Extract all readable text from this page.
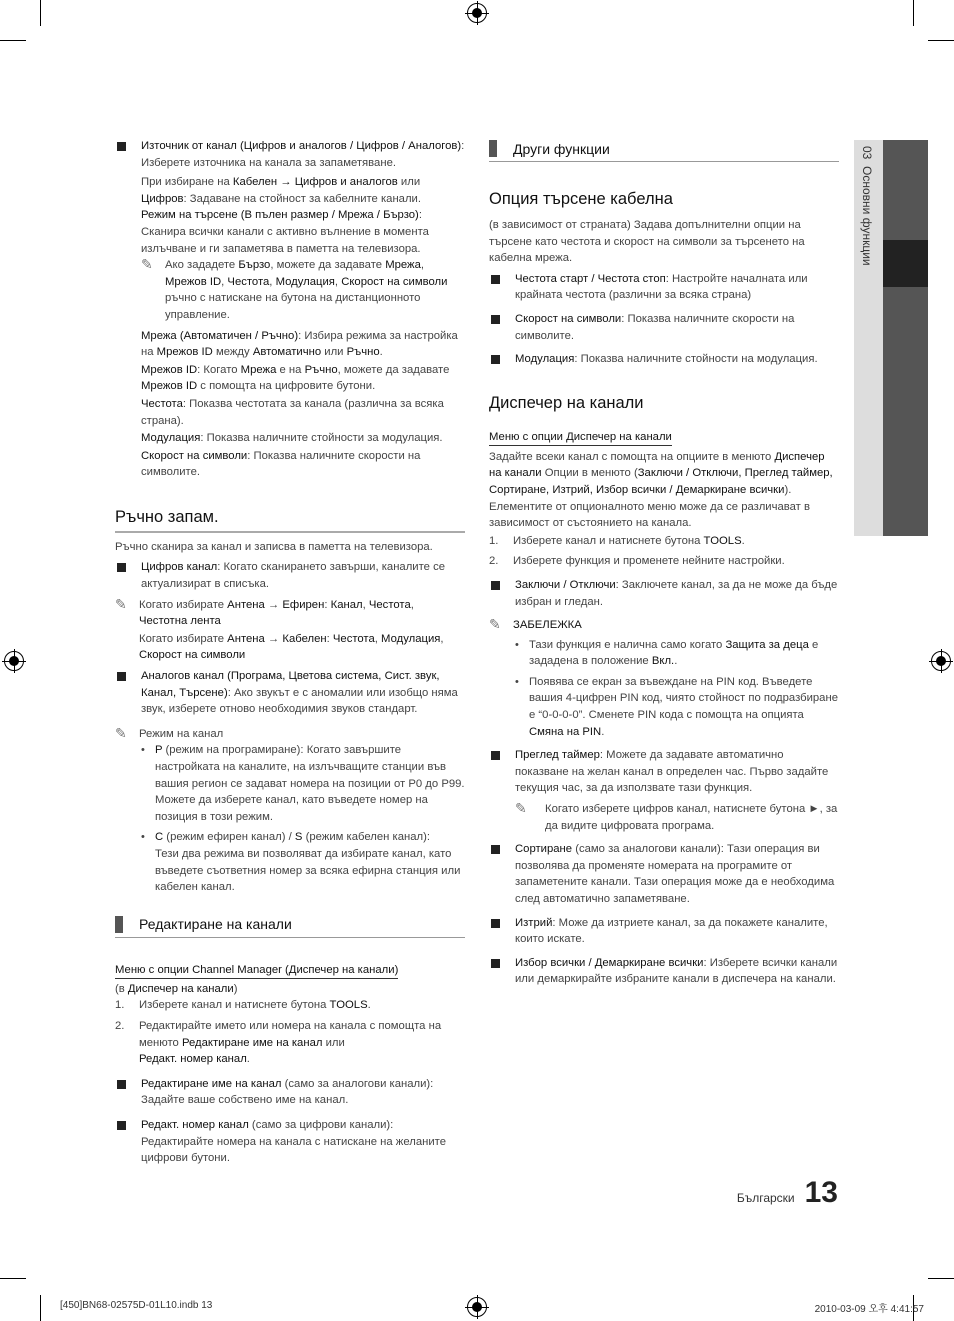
03  Основни функции

Източник от канал (Цифров и аналогов / Цифров / Аналогов): Изберете източника на канала за запаметяване.

При избиране на Кабелен → Цифров и аналогов или Цифров: Задаване на стойност за кабелните канали.

Режим на търсене (В пълен размер / Мрежа / Бързо): Сканира всички канали с активно вълнение в момента излъчване и ги запаметява в паметта на телевизора.

✎	Ако зададете Бързо, можете да задавате Мрежа, Мрежов ID, Честота, Модулация, Скорост на символи ръчно с натискане на бутона на дистанционното управление.

Мрежа (Автоматичен / Ръчно): Избира режима за настройка на Мрежов ID между Автоматично или Ръчно.

Мрежов ID: Когато Мрежа е на Ръчно, можете да задавате Мрежов ID с помощта на цифровите бутони.

Честота: Показва честотата за канала (различна за всяка страна).

Модулация: Показва наличните стойности за модулация.

Скорост на символи: Показва наличните скорости на символите.

Ръчно запам.

Ръчно сканира за канал и записва в паметта на телевизора.

Цифров канал: Когато сканирането завърши, каналите се актуализират в списъка.

✎	Когато избирате Антена → Ефирен: Канал, Честота, Честотна лента

Когато избирате Антена → Кабелен: Честота, Модулация, Скорост на символи

Аналогов канал (Програма, Цветова система, Сист. звук, Канал, Търсене): Ако звукът е с аномалии или изобщо няма звук, изберете отново необходимия звуков стандарт.

✎	Режим на канал

• P (режим на програмиране): Когато завършите настройката на каналите, на излъчващите станции във вашия регион се задават номера на позиции от P0 до P99. Можете да изберете канал, като въведете номер на позиция в този режим.

• C (режим ефирен канал) / S (режим кабелен канал):
Тези два режима ви позволяват да избирате канал, като въведете съответния номер за всяка ефирна станция или кабелен канал.

Редактиране на канали
Меню с опции Channel Manager (Диспечер на канали)

(в Диспечер на канали)

1.	Изберете канал и натиснете бутона TOOLS.

2.	Редактирайте името или номера на канала с помощта на менюто Редактиране име на канал или
Редакт. номер канал.

Редактиране име на канал (само за аналогови канали): Задайте ваше собствено име на канал.

Редакт. номер канал (само за цифрови канали): Редактирайте номера на канала с натискане на желаните цифрови бутони.

Други функции

Опция търсене кабелна

(в зависимост от страната) Задава допълнителни опции на търсене като честота и скорост на символи за търсенето на кабелна мрежа.

Честота старт / Честота стоп: Настройте началната или крайната честота (различни за всяка страна)

Скорост на символи: Показва наличните скорости на символите.

Модулация: Показва наличните стойности на модулация.

Диспечер на канали

Меню с опции Диспечер на канали

Задайте всеки канал с помощта на опциите в менюто Диспечер на канали Опции в менюто (Заключи / Отключи, Преглед таймер, Сортиране, Изтрий, Избор всички / Демаркиране всички). Елементите от опционалното меню може да се различават в зависимост от състоянието на канала.

1.	Изберете канал и натиснете бутона TOOLS.

2.	Изберете функция и променете нейните настройки.

Заключи / Отключи: Заключете канал, за да не може да бъде избран и гледан.

✎	ЗАБЕЛЕЖКА

• Тази функция е налична само когато Защита за деца е зададена в положение Вкл..

• Появява се екран за въвеждане на PIN код. Въведете вашия 4-цифрен PIN код, чиято стойност по подразбиране е “0-0-0-0”. Сменете PIN кода с помощта на опцията Смяна на PIN.

Преглед таймер: Можете да задавате автоматично показване на желан канал в определен час. Първо задайте текущия час, за да използвате тази функция.

✎	Когато изберете цифров канал, натиснете бутона ►, за да видите цифровата програма.

Сортиране (само за аналогови канали): Тази операция ви позволява да променяте номерата на програмите от запаметените канали. Тази операция може да е необходима след автоматично запаметяване.

Изтрий: Може да изтриете канал, за да покажете каналите, които искате.

Избор всички / Демаркиране всички: Изберете всички канали или демаркирайте избраните канали в диспечера на канали.

Български 13
[450]BN68-02575D-01L10.indb 13	2010-03-09 오후 4:41:57
